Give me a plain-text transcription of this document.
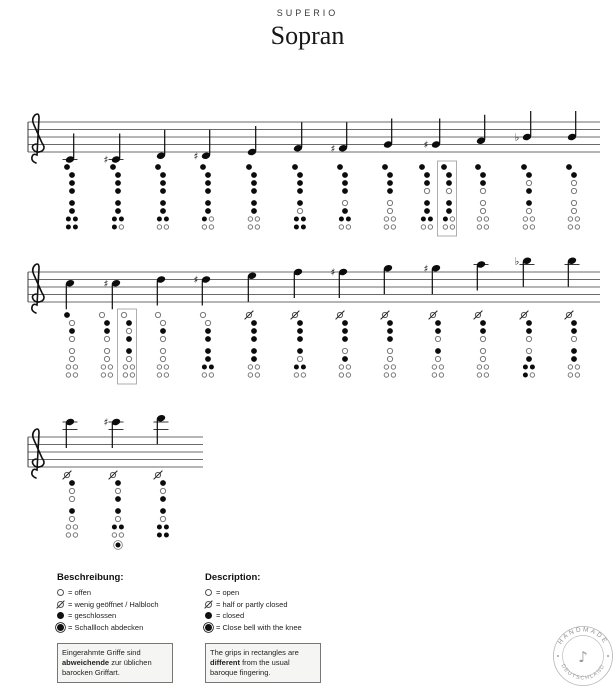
SUPERIO
Sopran
♯	♯
♯	♯
♭
♯	♯
♯	♯
♭
♯
Beschreibung:
= offen
= wenig geöffnet / Halbloch
= geschlossen
= Schallloch abdecken
Eingerahmte Griffe sind abweichende zur üblichen barocken Griffart.
Description:
= open
= half or partly closed
= closed
= Close bell with the knee
The grips in rectangles are different from the usual baroque fingering.
HANDMADE
DEUTSCHLAND
♪
